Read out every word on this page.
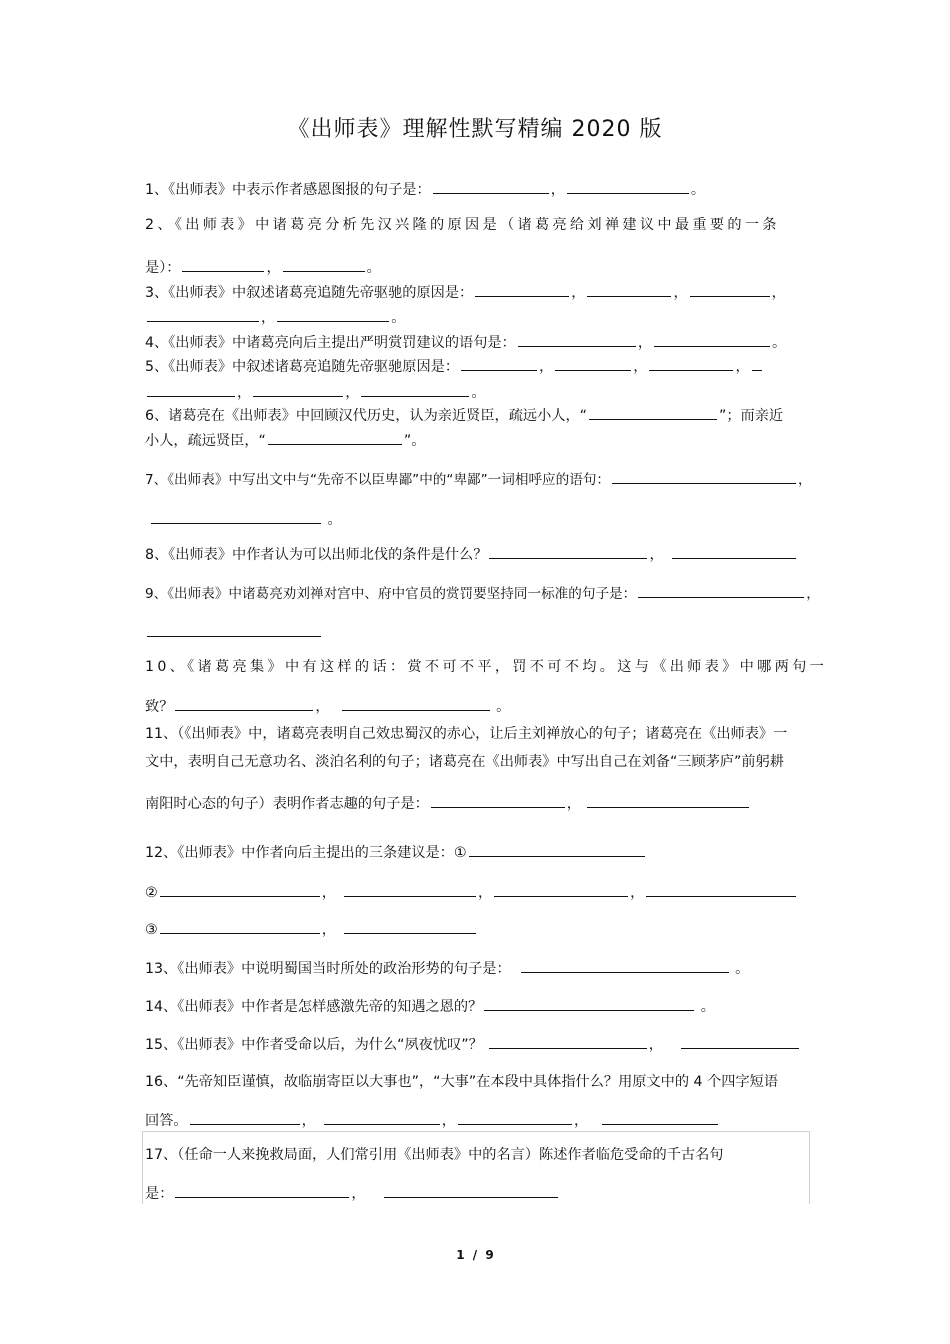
《出师表》理解性默写精编 2020 版
1、《出师表》中表示作者感恩图报的句子是：	，	。
2、《出师表》中诸葛亮分析先汉兴隆的原因是（诸葛亮给刘禅建议中最重要的一条
是）：	，	。
3、《出师表》中叙述诸葛亮追随先帝驱驰的原因是：	，	，	，
，	。
4、《出师表》中诸葛亮向后主提出严明赏罚建议的语句是：	，	。
5、《出师表》中叙述诸葛亮追随先帝驱驰原因是：	，	，	，
，	，	。
6、诸葛亮在《出师表》中回顾汉代历史，认为亲近贤臣，疏远小人，“	”；而亲近
小人，疏远贤臣，“	”。
7、《出师表》中写出文中与“先帝不以臣卑鄙”中的“卑鄙”一词相呼应的语句：	，
。
8、《出师表》中作者认为可以出师北伐的条件是什么？	，
9、《出师表》中诸葛亮劝刘禅对宫中、府中官员的赏罚要坚持同一标准的句子是：	，
10、《诸葛亮集》中有这样的话：赏不可不平，罚不可不均。这与《出师表》中哪两句一
致？	，	。
11、（《出师表》中，诸葛亮表明自己效忠蜀汉的赤心，让后主刘禅放心的句子；诸葛亮在《出师表》一
文中，表明自己无意功名、淡泊名利的句子；诸葛亮在《出师表》中写出自己在刘备“三顾茅庐”前躬耕
南阳时心态的句子）表明作者志趣的句子是：	，
12、《出师表》中作者向后主提出的三条建议是：①
②	，	，	，
③	，
13、《出师表》中说明蜀国当时所处的政治形势的句子是：	。
14、《出师表》中作者是怎样感激先帝的知遇之恩的？	。
15、《出师表》中作者受命以后，为什么“夙夜忧叹”？	，
16、“先帝知臣谨慎，故临崩寄臣以大事也”，“大事”在本段中具体指什么？用原文中的 4 个四字短语
回答。	，	，	，
17、（任命一人来挽救局面，人们常引用《出师表》中的名言）陈述作者临危受命的千古名句
是：	，
1 / 9
